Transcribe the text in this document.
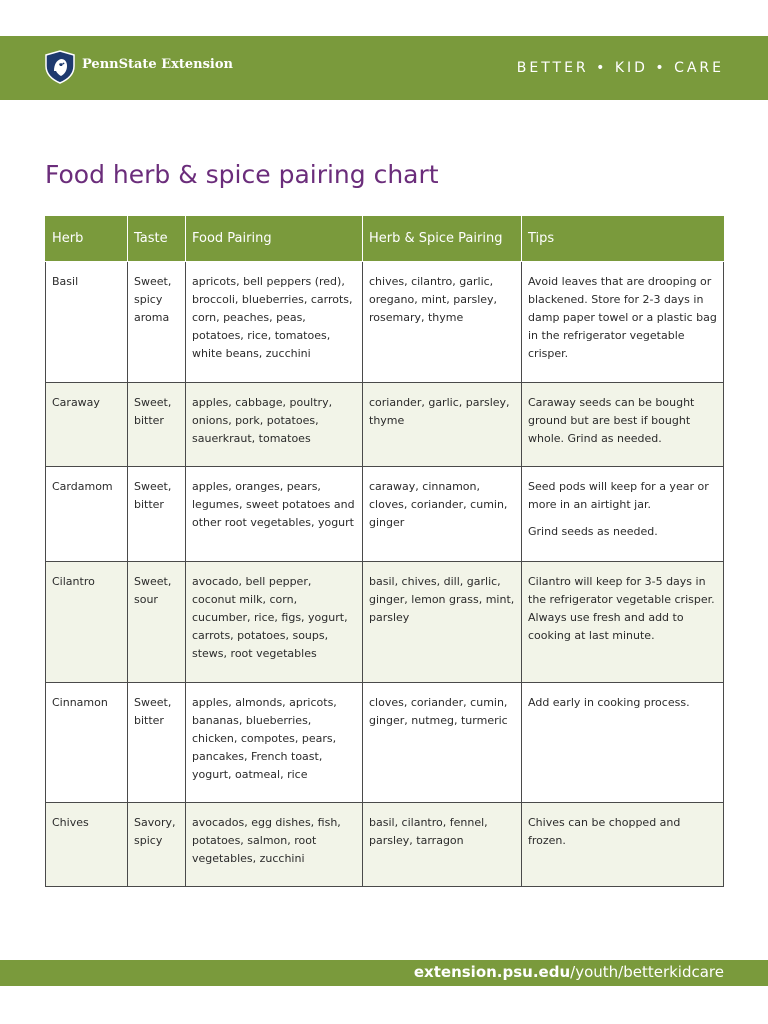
PennState Extension	BETTER • KID • CARE
Food herb & spice pairing chart
Herb	Taste	Food Pairing	Herb & Spice Pairing	Tips
Basil	Sweet, spicy aroma	apricots, bell peppers (red), broccoli, blueberries, carrots, corn, peaches, peas, potatoes, rice, tomatoes, white beans, zucchini	chives, cilantro, garlic, oregano, mint, parsley, rosemary, thyme	Avoid leaves that are drooping or blackened. Store for 2-3 days in damp paper towel or a plastic bag in the refrigerator vegetable crisper.

Caraway	Sweet, bitter	apples, cabbage, poultry, onions, pork, potatoes, sauerkraut, tomatoes	coriander, garlic, parsley, thyme	Caraway seeds can be bought ground but are best if bought whole. Grind as needed.

Cardamom	Sweet, bitter	apples, oranges, pears, legumes, sweet potatoes and other root vegetables, yogurt	caraway, cinnamon, cloves, coriander, cumin, ginger	Seed pods will keep for a year or more in an airtight jar.
Grind seeds as needed.

Cilantro	Sweet, sour	avocado, bell pepper, coconut milk, corn, cucumber, rice, figs, yogurt, carrots, potatoes, soups, stews, root vegetables	basil, chives, dill, garlic, ginger, lemon grass, mint, parsley	Cilantro will keep for 3-5 days in the refrigerator vegetable crisper. Always use fresh and add to cooking at last minute.

Cinnamon	Sweet, bitter	apples, almonds, apricots, bananas, blueberries, chicken, compotes, pears, pancakes, French toast, yogurt, oatmeal, rice	cloves, coriander, cumin, ginger, nutmeg, turmeric	Add early in cooking process.

Chives	Savory, spicy	avocados, egg dishes, fish, potatoes, salmon, root vegetables, zucchini	basil, cilantro, fennel, parsley, tarragon	Chives can be chopped and frozen.
extension.psu.edu/youth/betterkidcare
